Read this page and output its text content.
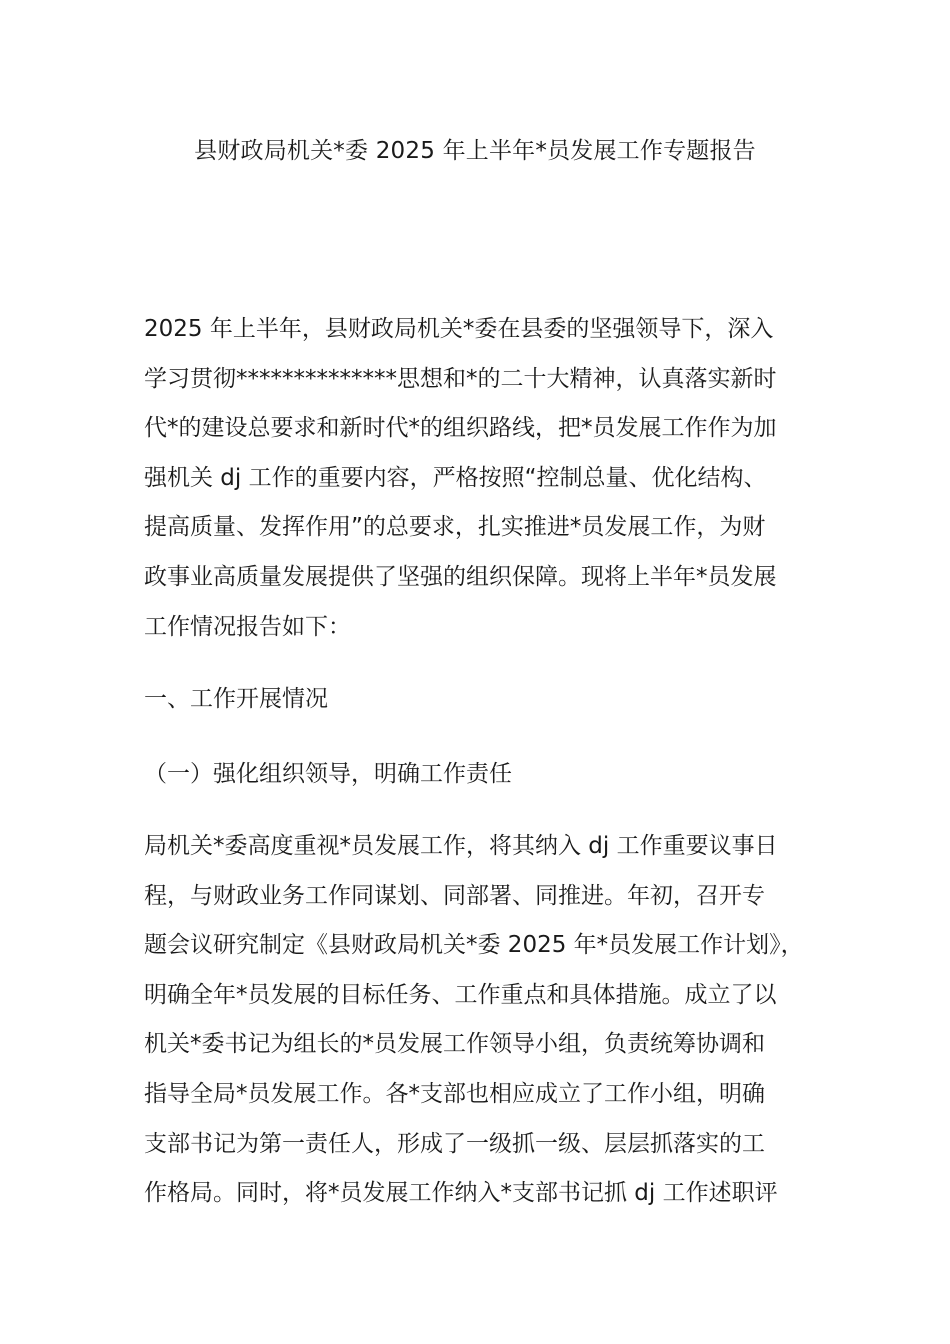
县财政局机关*委 2025 年上半年*员发展工作专题报告
2025 年上半年，县财政局机关*委在县委的坚强领导下，深入
学习贯彻**************思想和*的二十大精神，认真落实新时
代*的建设总要求和新时代*的组织路线，把*员发展工作作为加
强机关 dj 工作的重要内容，严格按照“控制总量、优化结构、
提高质量、发挥作用”的总要求，扎实推进*员发展工作，为财
政事业高质量发展提供了坚强的组织保障。现将上半年*员发展
工作情况报告如下：
一、工作开展情况
（一）强化组织领导，明确工作责任
局机关*委高度重视*员发展工作，将其纳入 dj 工作重要议事日
程，与财政业务工作同谋划、同部署、同推进。年初，召开专
题会议研究制定《县财政局机关*委 2025 年*员发展工作计划》，
明确全年*员发展的目标任务、工作重点和具体措施。成立了以
机关*委书记为组长的*员发展工作领导小组，负责统筹协调和
指导全局*员发展工作。各*支部也相应成立了工作小组，明确
支部书记为第一责任人，形成了一级抓一级、层层抓落实的工
作格局。同时，将*员发展工作纳入*支部书记抓 dj 工作述职评
